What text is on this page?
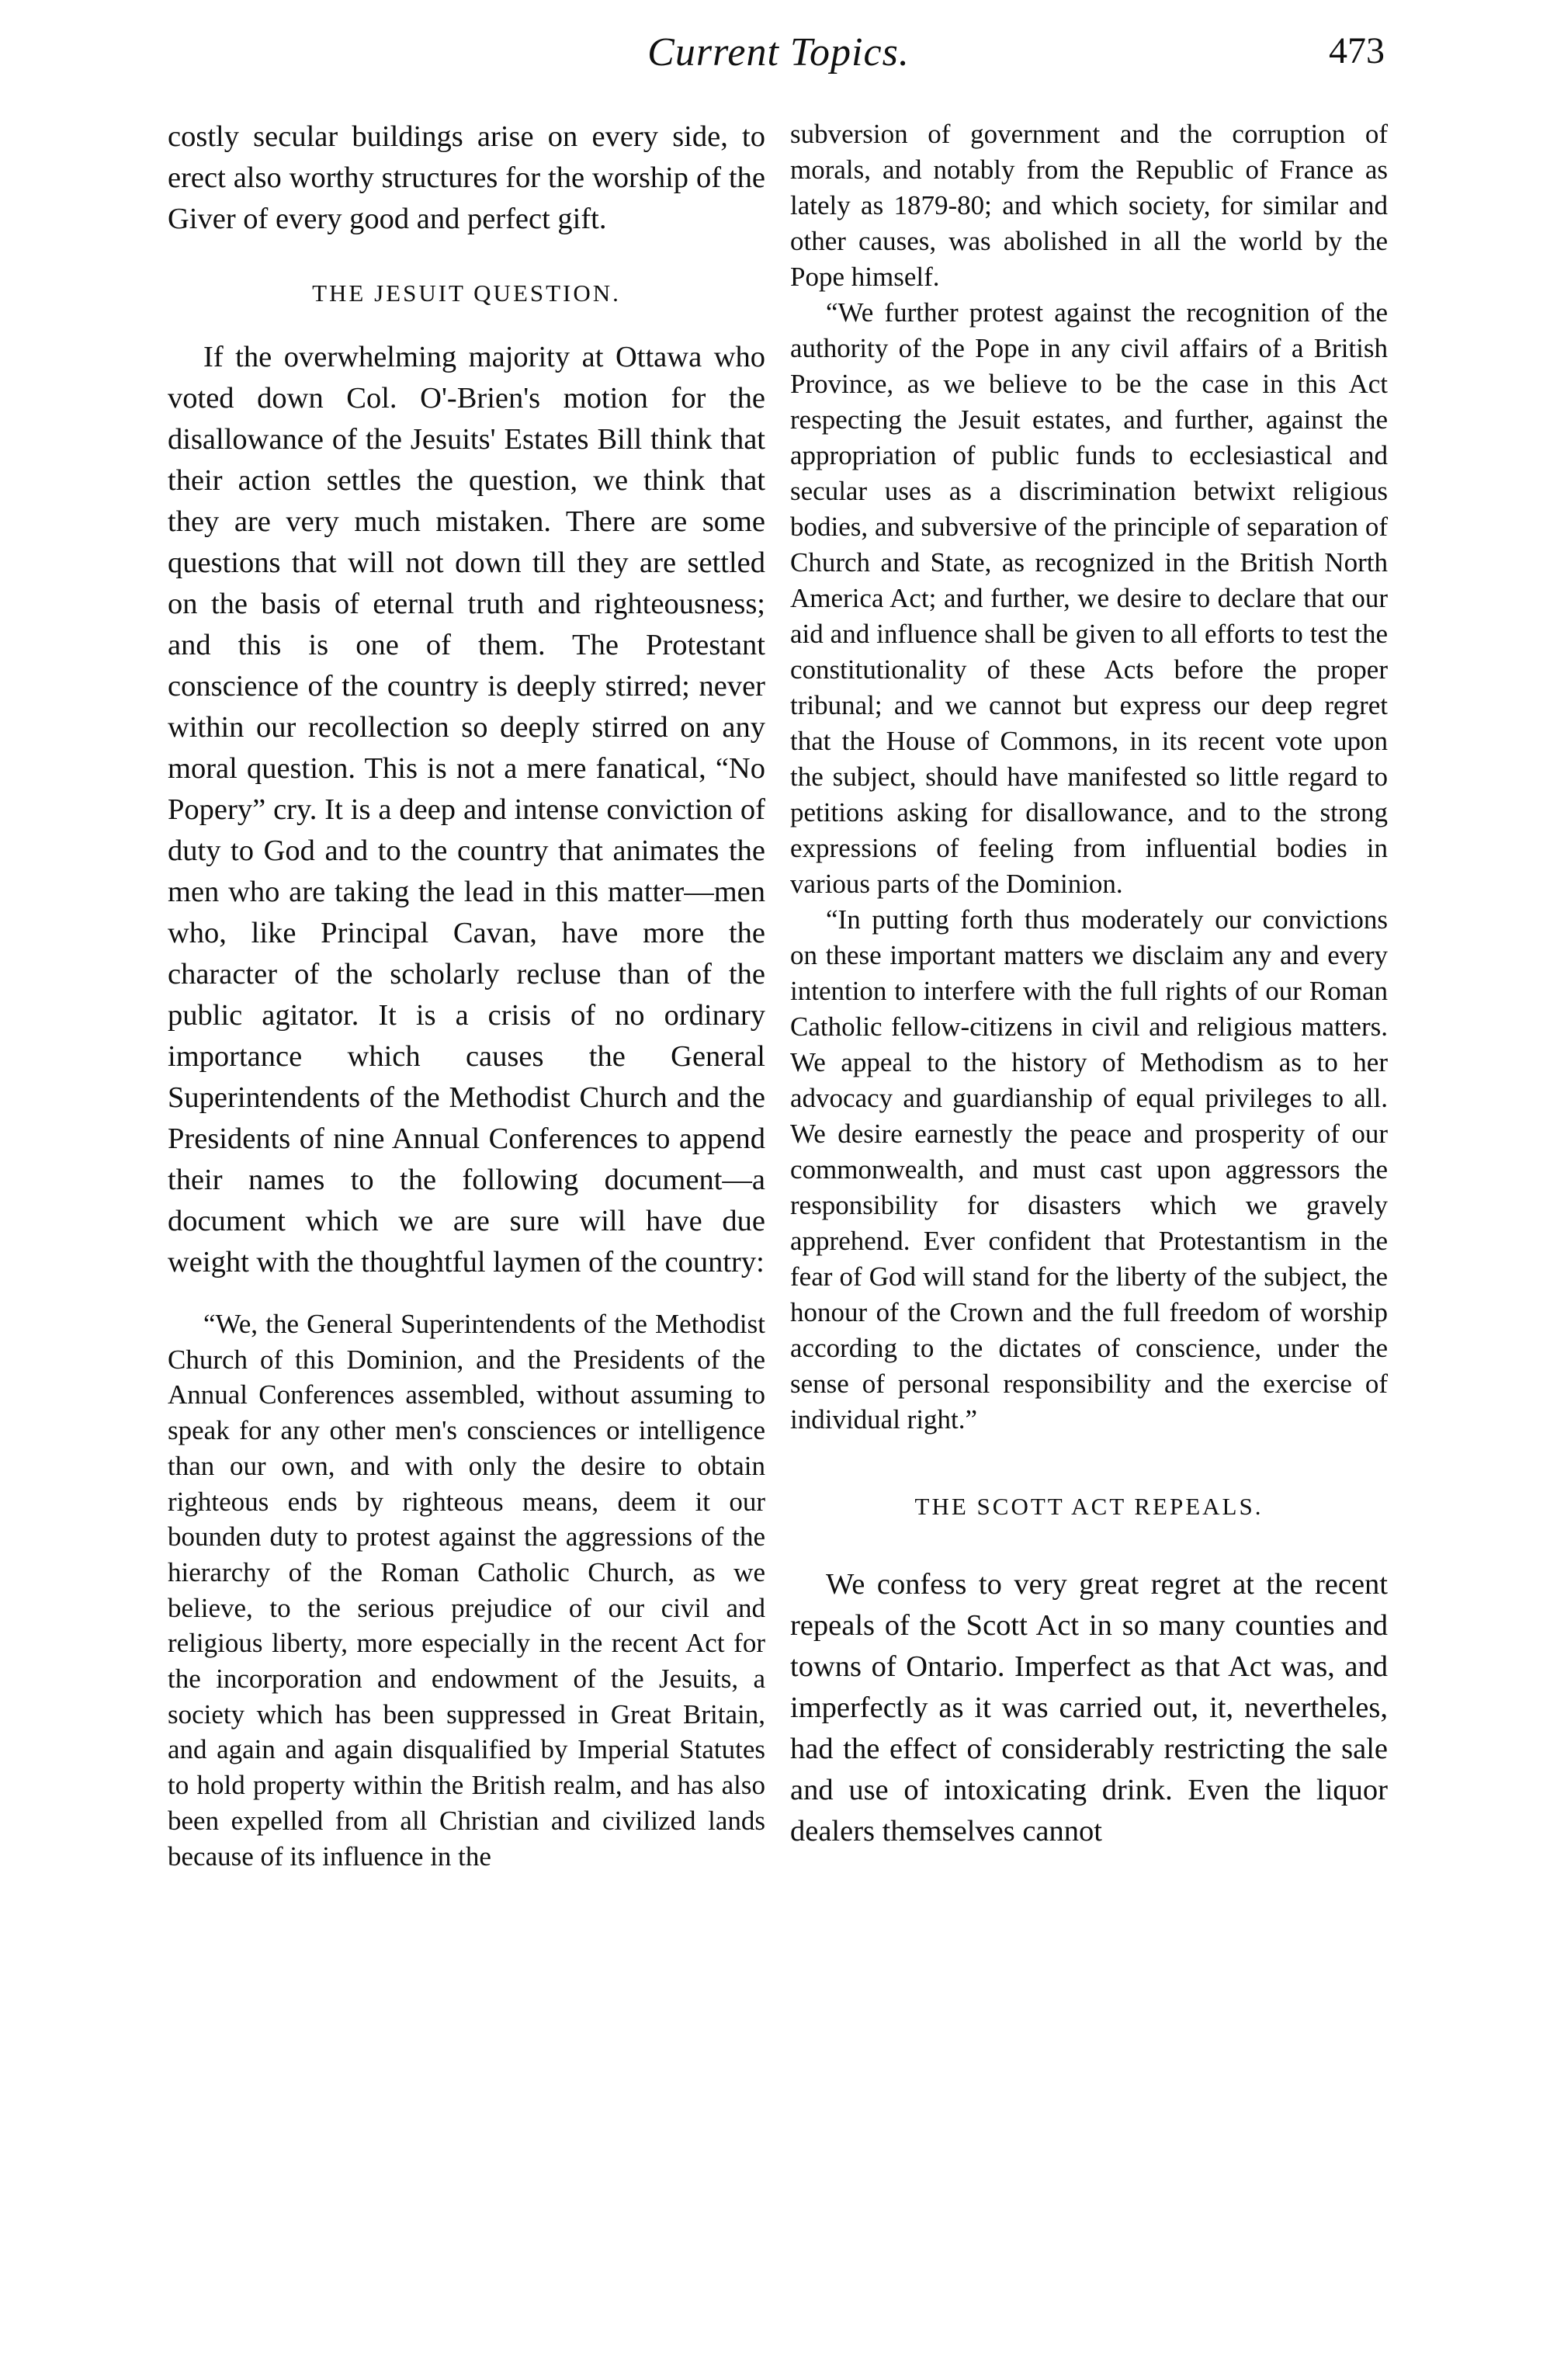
Current Topics.	473

costly secular buildings arise on every side, to erect also worthy structures for the worship of the Giver of every good and perfect gift.

THE JESUIT QUESTION.

If the overwhelming majority at Ottawa who voted down Col. O'-Brien's motion for the disallowance of the Jesuits' Estates Bill think that their action settles the question, we think that they are very much mistaken. There are some questions that will not down till they are settled on the basis of eternal truth and righteousness; and this is one of them. The Protestant conscience of the country is deeply stirred; never within our recollection so deeply stirred on any moral question. This is not a mere fanatical, “No Popery” cry. It is a deep and intense conviction of duty to God and to the country that animates the men who are taking the lead in this matter—men who, like Principal Cavan, have more the character of the scholarly recluse than of the public agitator. It is a crisis of no ordinary importance which causes the General Superintendents of the Methodist Church and the Presidents of nine Annual Conferences to append their names to the following document—a document which we are sure will have due weight with the thoughtful laymen of the country:

“We, the General Superintendents of the Methodist Church of this Dominion, and the Presidents of the Annual Conferences assembled, without assuming to speak for any other men's consciences or intelligence than our own, and with only the desire to obtain righteous ends by righteous means, deem it our bounden duty to protest against the aggressions of the hierarchy of the Roman Catholic Church, as we believe, to the serious prejudice of our civil and religious liberty, more especially in the recent Act for the incorporation and endowment of the Jesuits, a society which has been suppressed in Great Britain, and again and again disqualified by Imperial Statutes to hold property within the British realm, and has also been expelled from all Christian and civilized lands because of its influence in the

subversion of government and the corruption of morals, and notably from the Republic of France as lately as 1879-80; and which society, for similar and other causes, was abolished in all the world by the Pope himself.

“We further protest against the recognition of the authority of the Pope in any civil affairs of a British Province, as we believe to be the case in this Act respecting the Jesuit estates, and further, against the appropriation of public funds to ecclesiastical and secular uses as a discrimination betwixt religious bodies, and subversive of the principle of separation of Church and State, as recognized in the British North America Act; and further, we desire to declare that our aid and influence shall be given to all efforts to test the constitutionality of these Acts before the proper tribunal; and we cannot but express our deep regret that the House of Commons, in its recent vote upon the subject, should have manifested so little regard to petitions asking for disallowance, and to the strong expressions of feeling from influential bodies in various parts of the Dominion.

“In putting forth thus moderately our convictions on these important matters we disclaim any and every intention to interfere with the full rights of our Roman Catholic fellow-citizens in civil and religious matters. We appeal to the history of Methodism as to her advocacy and guardianship of equal privileges to all. We desire earnestly the peace and prosperity of our commonwealth, and must cast upon aggressors the responsibility for disasters which we gravely apprehend. Ever confident that Protestantism in the fear of God will stand for the liberty of the subject, the honour of the Crown and the full freedom of worship according to the dictates of conscience, under the sense of personal responsibility and the exercise of individual right.”

THE SCOTT ACT REPEALS.

We confess to very great regret at the recent repeals of the Scott Act in so many counties and towns of Ontario. Imperfect as that Act was, and imperfectly as it was carried out, it, nevertheles, had the effect of considerably restricting the sale and use of intoxicating drink. Even the liquor dealers themselves cannot
